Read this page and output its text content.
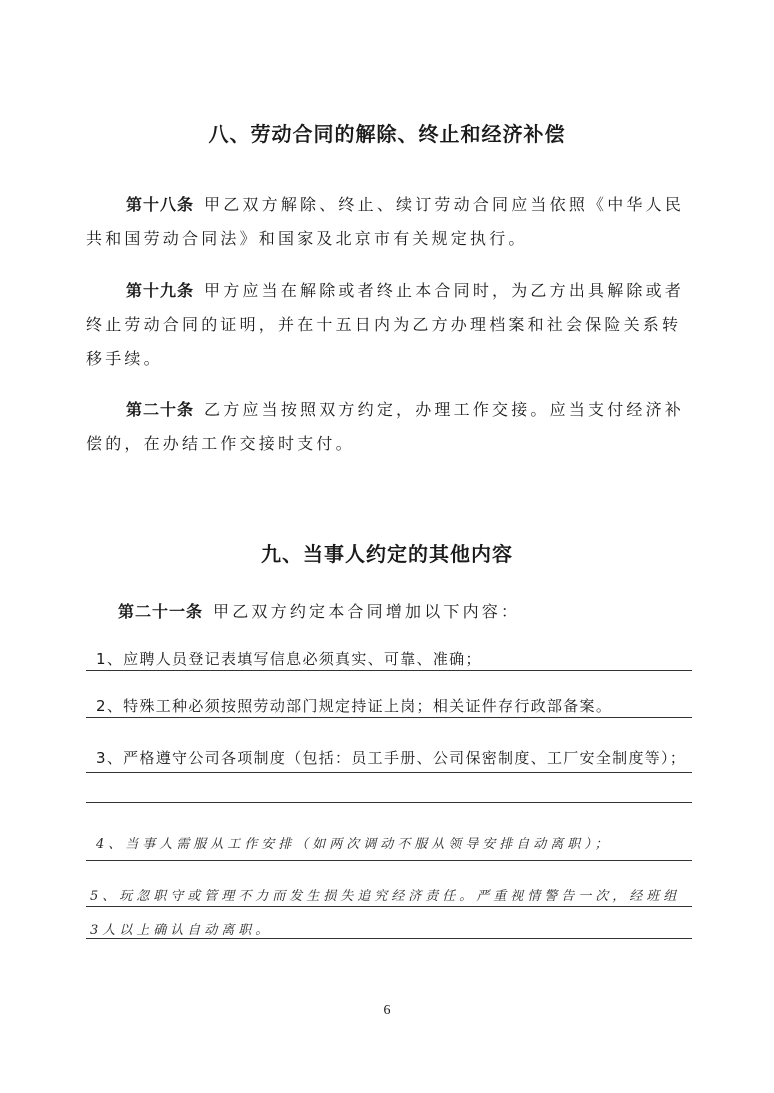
八、劳动合同的解除、终止和经济补偿
第十八条 甲乙双方解除、终止、续订劳动合同应当依照《中华人民共和国劳动合同法》和国家及北京市有关规定执行。
第十九条 甲方应当在解除或者终止本合同时，为乙方出具解除或者终止劳动合同的证明，并在十五日内为乙方办理档案和社会保险关系转移手续。
第二十条 乙方应当按照双方约定，办理工作交接。应当支付经济补偿的，在办结工作交接时支付。
九、当事人约定的其他内容
第二十一条 甲乙双方约定本合同增加以下内容：
1、应聘人员登记表填写信息必须真实、可靠、准确；
2、特殊工种必须按照劳动部门规定持证上岗；相关证件存行政部备案。
3、严格遵守公司各项制度（包括：员工手册、公司保密制度、工厂安全制度等）；
4、当事人需服从工作安排（如两次调动不服从领导安排自动离职）；
5、玩忽职守或管理不力而发生损失追究经济责任。严重视情警告一次，经班组3人以上确认自动离职。
6
